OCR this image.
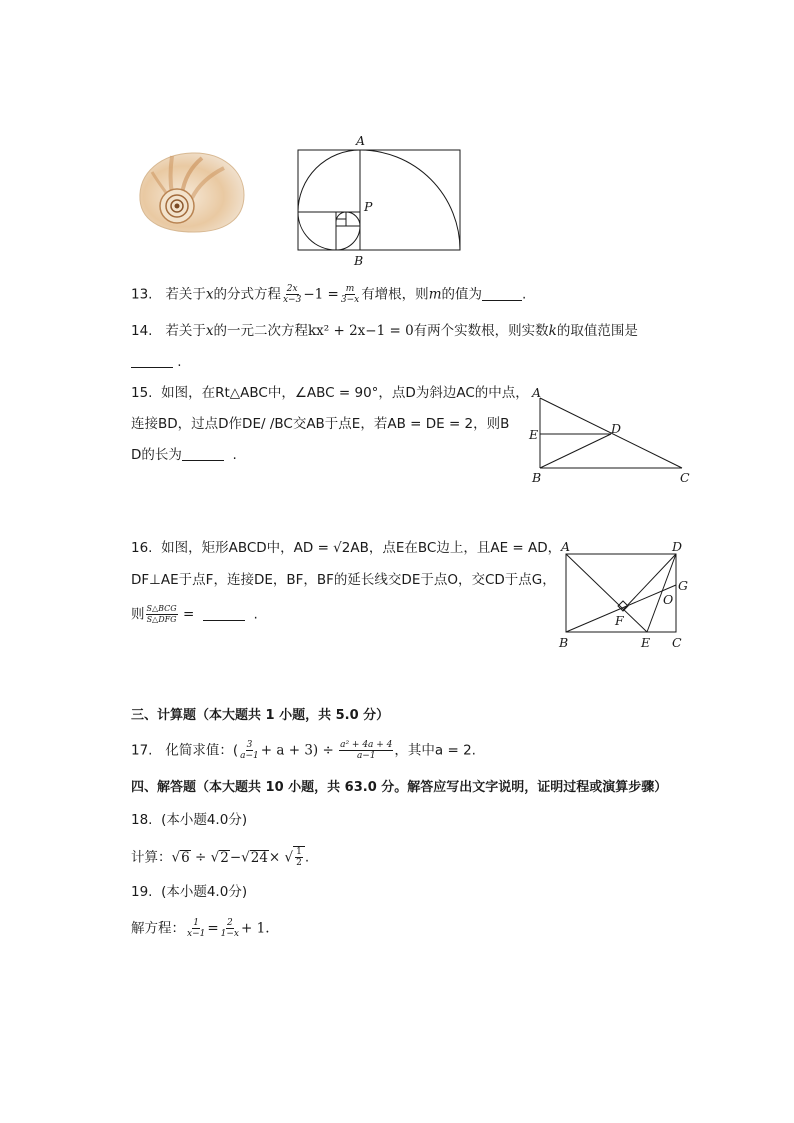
A
P
B
13. 若关于x的分式方程 $\frac{2x}{x-3} -1 = \frac{m}{3-x}$ 有增根，则m的值为	.
14. 若关于x的一元二次方程kx² + 2x−1 = 0有两个实数根，则实数k的取值范围是
.
15. 如图，在Rt△ABC中，∠ABC = 90°，点D为斜边AC的中点，
连接BD，过点D作DE/ /BC交AB于点E，若AB = DE = 2，则B
D的长为	.
A
E	D
B	C
16. 如图，矩形ABCD中，AD = √2AB，点E在BC边上，且AE = AD，
DF⊥AE于点F，连接DE，BF，BF的延长线交DE于点O，交CD于点G，
则 $\frac{\text{S△BCG}}{\text{S△DFG}}$ =	.
A	D
G
O
F
B	E C
三、计算题（本大题共 1 小题，共 5.0 分）
17. 化简求值：( $\frac{3}{a-1} + a + 3) \div \frac{\text{a² + 4a + 4}}{a-1}$ ，其中a = 2.
四、解答题（本大题共 10 小题，共 63.0 分。解答应写出文字说明，证明过程或演算步骤）
18. (本小题4.0分)
计算：√6 ÷ √2−√24× √ $\frac{1}{2}$ .
19. (本小题4.0分)
解方程： $\frac{1}{x-1} = \frac{2}{1-x} + 1$.
